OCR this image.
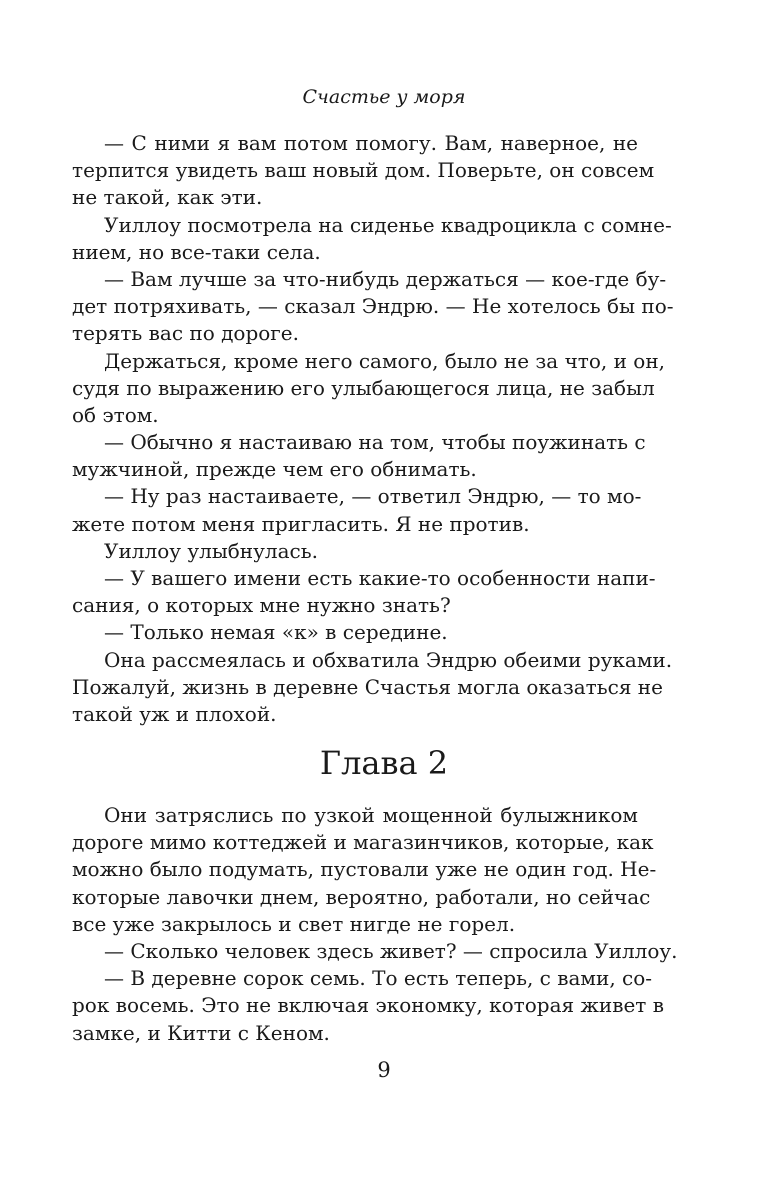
Счастье у моря
— С ними я вам потом помогу. Вам, наверное, не
терпится увидеть ваш новый дом. Поверьте, он совсем
не такой, как эти.
Уиллоу посмотрела на сиденье квадроцикла с сомне-
нием, но все-таки села.
— Вам лучше за что-нибудь держаться — кое-где бу-
дет потряхивать, — сказал Эндрю. — Не хотелось бы по-
терять вас по дороге.
Держаться, кроме него самого, было не за что, и он,
судя по выражению его улыбающегося лица, не забыл
об этом.
— Обычно я настаиваю на том, чтобы поужинать с
мужчиной, прежде чем его обнимать.
— Ну раз настаиваете, — ответил Эндрю, — то мо-
жете потом меня пригласить. Я не против.
Уиллоу улыбнулась.
— У вашего имени есть какие-то особенности напи-
сания, о которых мне нужно знать?
— Только немая «к» в середине.
Она рассмеялась и обхватила Эндрю обеими руками.
Пожалуй, жизнь в деревне Счастья могла оказаться не
такой уж и плохой.
Глава 2
Они затряслись по узкой мощенной булыжником
дороге мимо коттеджей и магазинчиков, которые, как
можно было подумать, пустовали уже не один год. Не-
которые лавочки днем, вероятно, работали, но сейчас
все уже закрылось и свет нигде не горел.
— Сколько человек здесь живет? — спросила Уиллоу.
— В деревне сорок семь. То есть теперь, с вами, со-
рок восемь. Это не включая экономку, которая живет в
замке, и Китти с Кеном.
9
